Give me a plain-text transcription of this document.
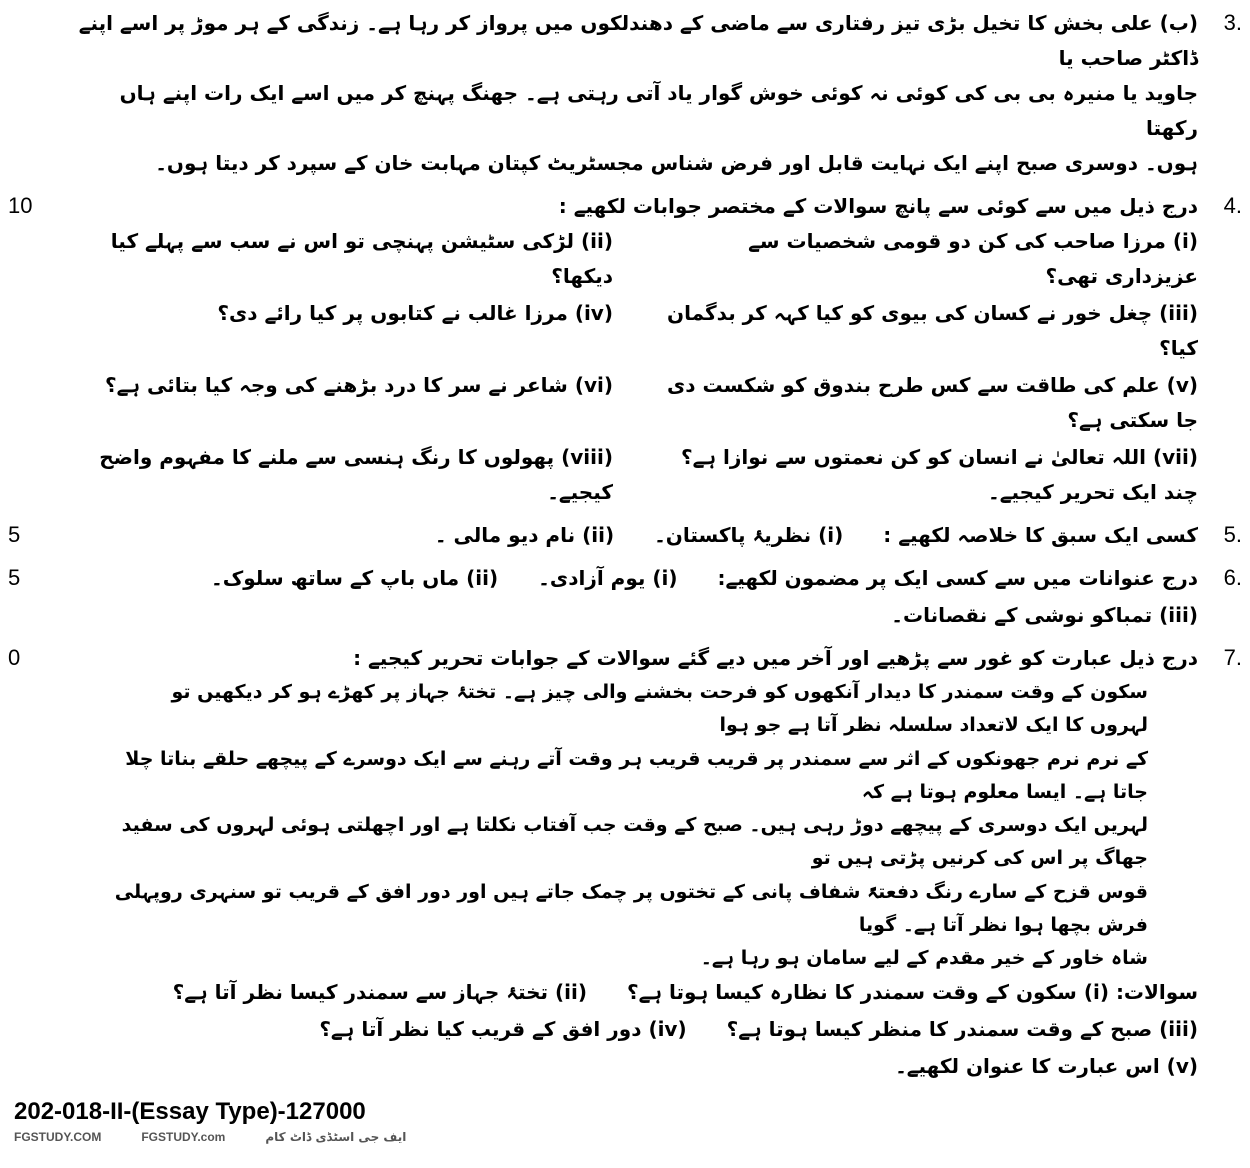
(ب) علی بخش کا تخیل بڑی تیز رفتاری سے ماضی کے دھندلکوں میں پرواز کر رہا ہے۔ زندگی کے ہر موڑ پر اسے اپنے ڈاکٹر صاحب یا
جاوید یا منیرہ بی بی کی کوئی نہ کوئی خوش گوار یاد آتی رہتی ہے۔ جھنگ پہنچ کر میں اسے ایک رات اپنے ہاں رکھتا
ہوں۔ دوسری صبح اپنے ایک نہایت قابل اور فرض شناس مجسٹریٹ کپتان مہابت خان کے سپرد کر دیتا ہوں۔
3.
10	درج ذیل میں سے کوئی سے پانچ سوالات کے مختصر جوابات لکھیے :
(i) مرزا صاحب کی کن دو قومی شخصیات سے عزیزداری تھی؟
(ii) لڑکی سٹیشن پہنچی تو اس نے سب سے پہلے کیا دیکھا؟
(iii) چغل خور نے کسان کی بیوی کو کیا کہہ کر بدگمان کیا؟
(iv) مرزا غالب نے کتابوں پر کیا رائے دی؟
(v) علم کی طاقت سے کس طرح بندوق کو شکست دی جا سکتی ہے؟
(vi) شاعر نے سر کا درد بڑھنے کی وجہ کیا بتائی ہے؟
(vii) اللہ تعالیٰ نے انسان کو کن نعمتوں سے نوازا ہے؟ چند ایک تحریر کیجیے۔
(viii) پھولوں کا رنگ ہنسی سے ملنے کا مفہوم واضح کیجیے۔
4.
5	کسی ایک سبق کا خلاصہ لکھیے :
(i) نظریۂ پاکستان۔
(ii) نام دیو مالی ۔	5.
5	درج عنوانات میں سے کسی ایک پر مضمون لکھیے:
(i) یوم آزادی۔
(ii) ماں باپ کے ساتھ سلوک۔
(iii) تمباکو نوشی کے نقصانات۔
6.
0	درج ذیل عبارت کو غور سے پڑھیے اور آخر میں دیے گئے سوالات کے جوابات تحریر کیجیے :
سکون کے وقت سمندر کا دیدار آنکھوں کو فرحت بخشنے والی چیز ہے۔ تختۂ جہاز پر کھڑے ہو کر دیکھیں تو لہروں کا ایک لاتعداد سلسلہ نظر آتا ہے جو ہوا
کے نرم نرم جھونکوں کے اثر سے سمندر پر قریب قریب ہر وقت آتے رہنے سے ایک دوسرے کے پیچھے حلقے بناتا چلا جاتا ہے۔ ایسا معلوم ہوتا ہے کہ
لہریں ایک دوسری کے پیچھے دوڑ رہی ہیں۔ صبح کے وقت جب آفتاب نکلتا ہے اور اچھلتی ہوئی لہروں کی سفید جھاگ پر اس کی کرنیں پڑتی ہیں تو
قوس قزح کے سارے رنگ دفعتہً شفاف پانی کے تختوں پر چمک جاتے ہیں اور دور افق کے قریب تو سنہری روپہلی فرش بچھا ہوا نظر آتا ہے۔ گویا
شاہ خاور کے خیر مقدم کے لیے سامان ہو رہا ہے۔
سوالات: (i) سکون کے وقت سمندر کا نظارہ کیسا ہوتا ہے؟
(ii) تختۂ جہاز سے سمندر کیسا نظر آتا ہے؟
(iii) صبح کے وقت سمندر کا منظر کیسا ہوتا ہے؟
(iv) دور افق کے قریب کیا نظر آتا ہے؟
(v) اس عبارت کا عنوان لکھیے۔
7.
202-018-II-(Essay Type)-127000
FGSTUDY.COM	FGSTUDY.com	ایف جی اسٹڈی ڈاٹ کام
